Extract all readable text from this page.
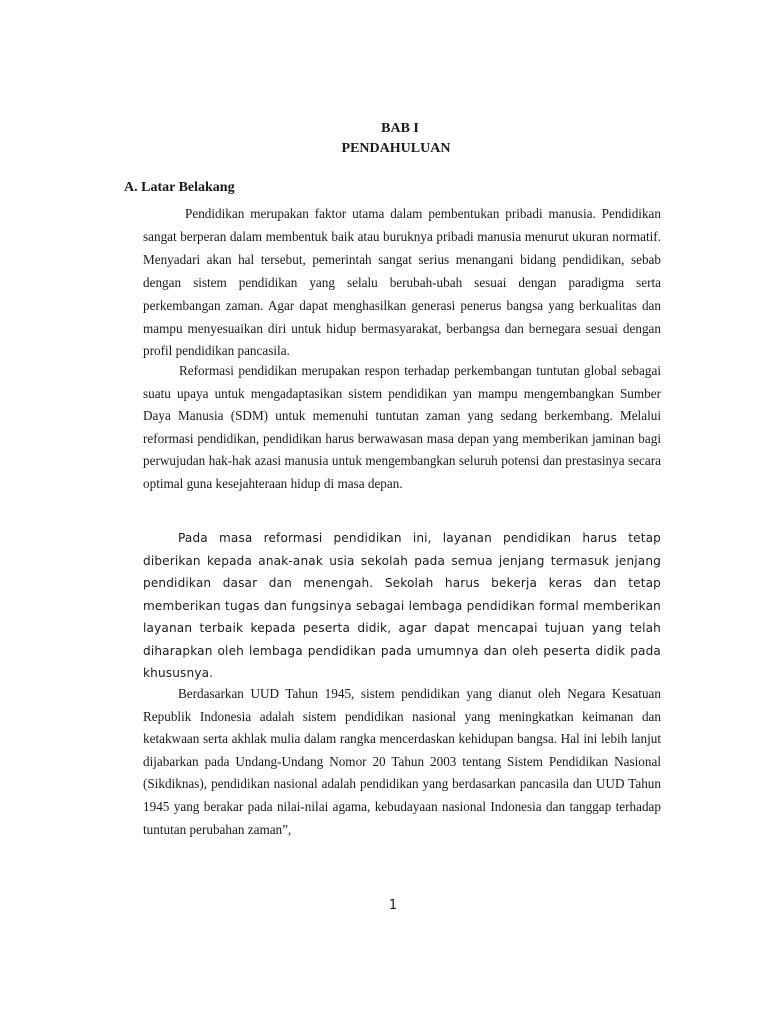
BAB I
PENDAHULUAN
A. Latar Belakang

Pendidikan merupakan faktor utama dalam pembentukan pribadi manusia. Pendidikan sangat berperan dalam membentuk baik atau buruknya pribadi manusia menurut ukuran normatif. Menyadari akan hal tersebut, pemerintah sangat serius menangani bidang pendidikan, sebab dengan sistem pendidikan yang selalu berubah-ubah sesuai dengan paradigma serta perkembangan zaman. Agar dapat menghasilkan generasi penerus bangsa yang berkualitas dan mampu menyesuaikan diri untuk hidup bermasyarakat, berbangsa dan bernegara sesuai dengan profil pendidikan pancasila.

Reformasi pendidikan merupakan respon terhadap perkembangan tuntutan global sebagai suatu upaya untuk mengadaptasikan sistem pendidikan yan mampu mengembangkan Sumber Daya Manusia (SDM) untuk memenuhi tuntutan zaman yang sedang berkembang. Melalui reformasi pendidikan, pendidikan harus berwawasan masa depan yang memberikan jaminan bagi perwujudan hak-hak azasi manusia untuk mengembangkan seluruh potensi dan prestasinya secara optimal guna kesejahteraan hidup di masa depan.

Pada masa reformasi pendidikan ini, layanan pendidikan harus tetap diberikan kepada anak-anak usia sekolah pada semua jenjang termasuk jenjang pendidikan dasar dan menengah. Sekolah harus bekerja keras dan tetap memberikan tugas dan fungsinya sebagai lembaga pendidikan formal memberikan layanan terbaik kepada peserta didik, agar dapat mencapai tujuan yang telah diharapkan oleh lembaga pendidikan pada umumnya dan oleh peserta didik pada khususnya.

Berdasarkan UUD Tahun 1945, sistem pendidikan yang dianut oleh Negara Kesatuan Republik Indonesia adalah sistem pendidikan nasional yang meningkatkan keimanan dan ketakwaan serta akhlak mulia dalam rangka mencerdaskan kehidupan bangsa. Hal ini lebih lanjut dijabarkan pada Undang-Undang Nomor 20 Tahun 2003 tentang Sistem Pendidikan Nasional (Sikdiknas), pendidikan nasional adalah pendidikan yang berdasarkan pancasila dan UUD Tahun 1945 yang berakar pada nilai-nilai agama, kebudayaan nasional Indonesia dan tanggap terhadap tuntutan perubahan zaman”,

1
